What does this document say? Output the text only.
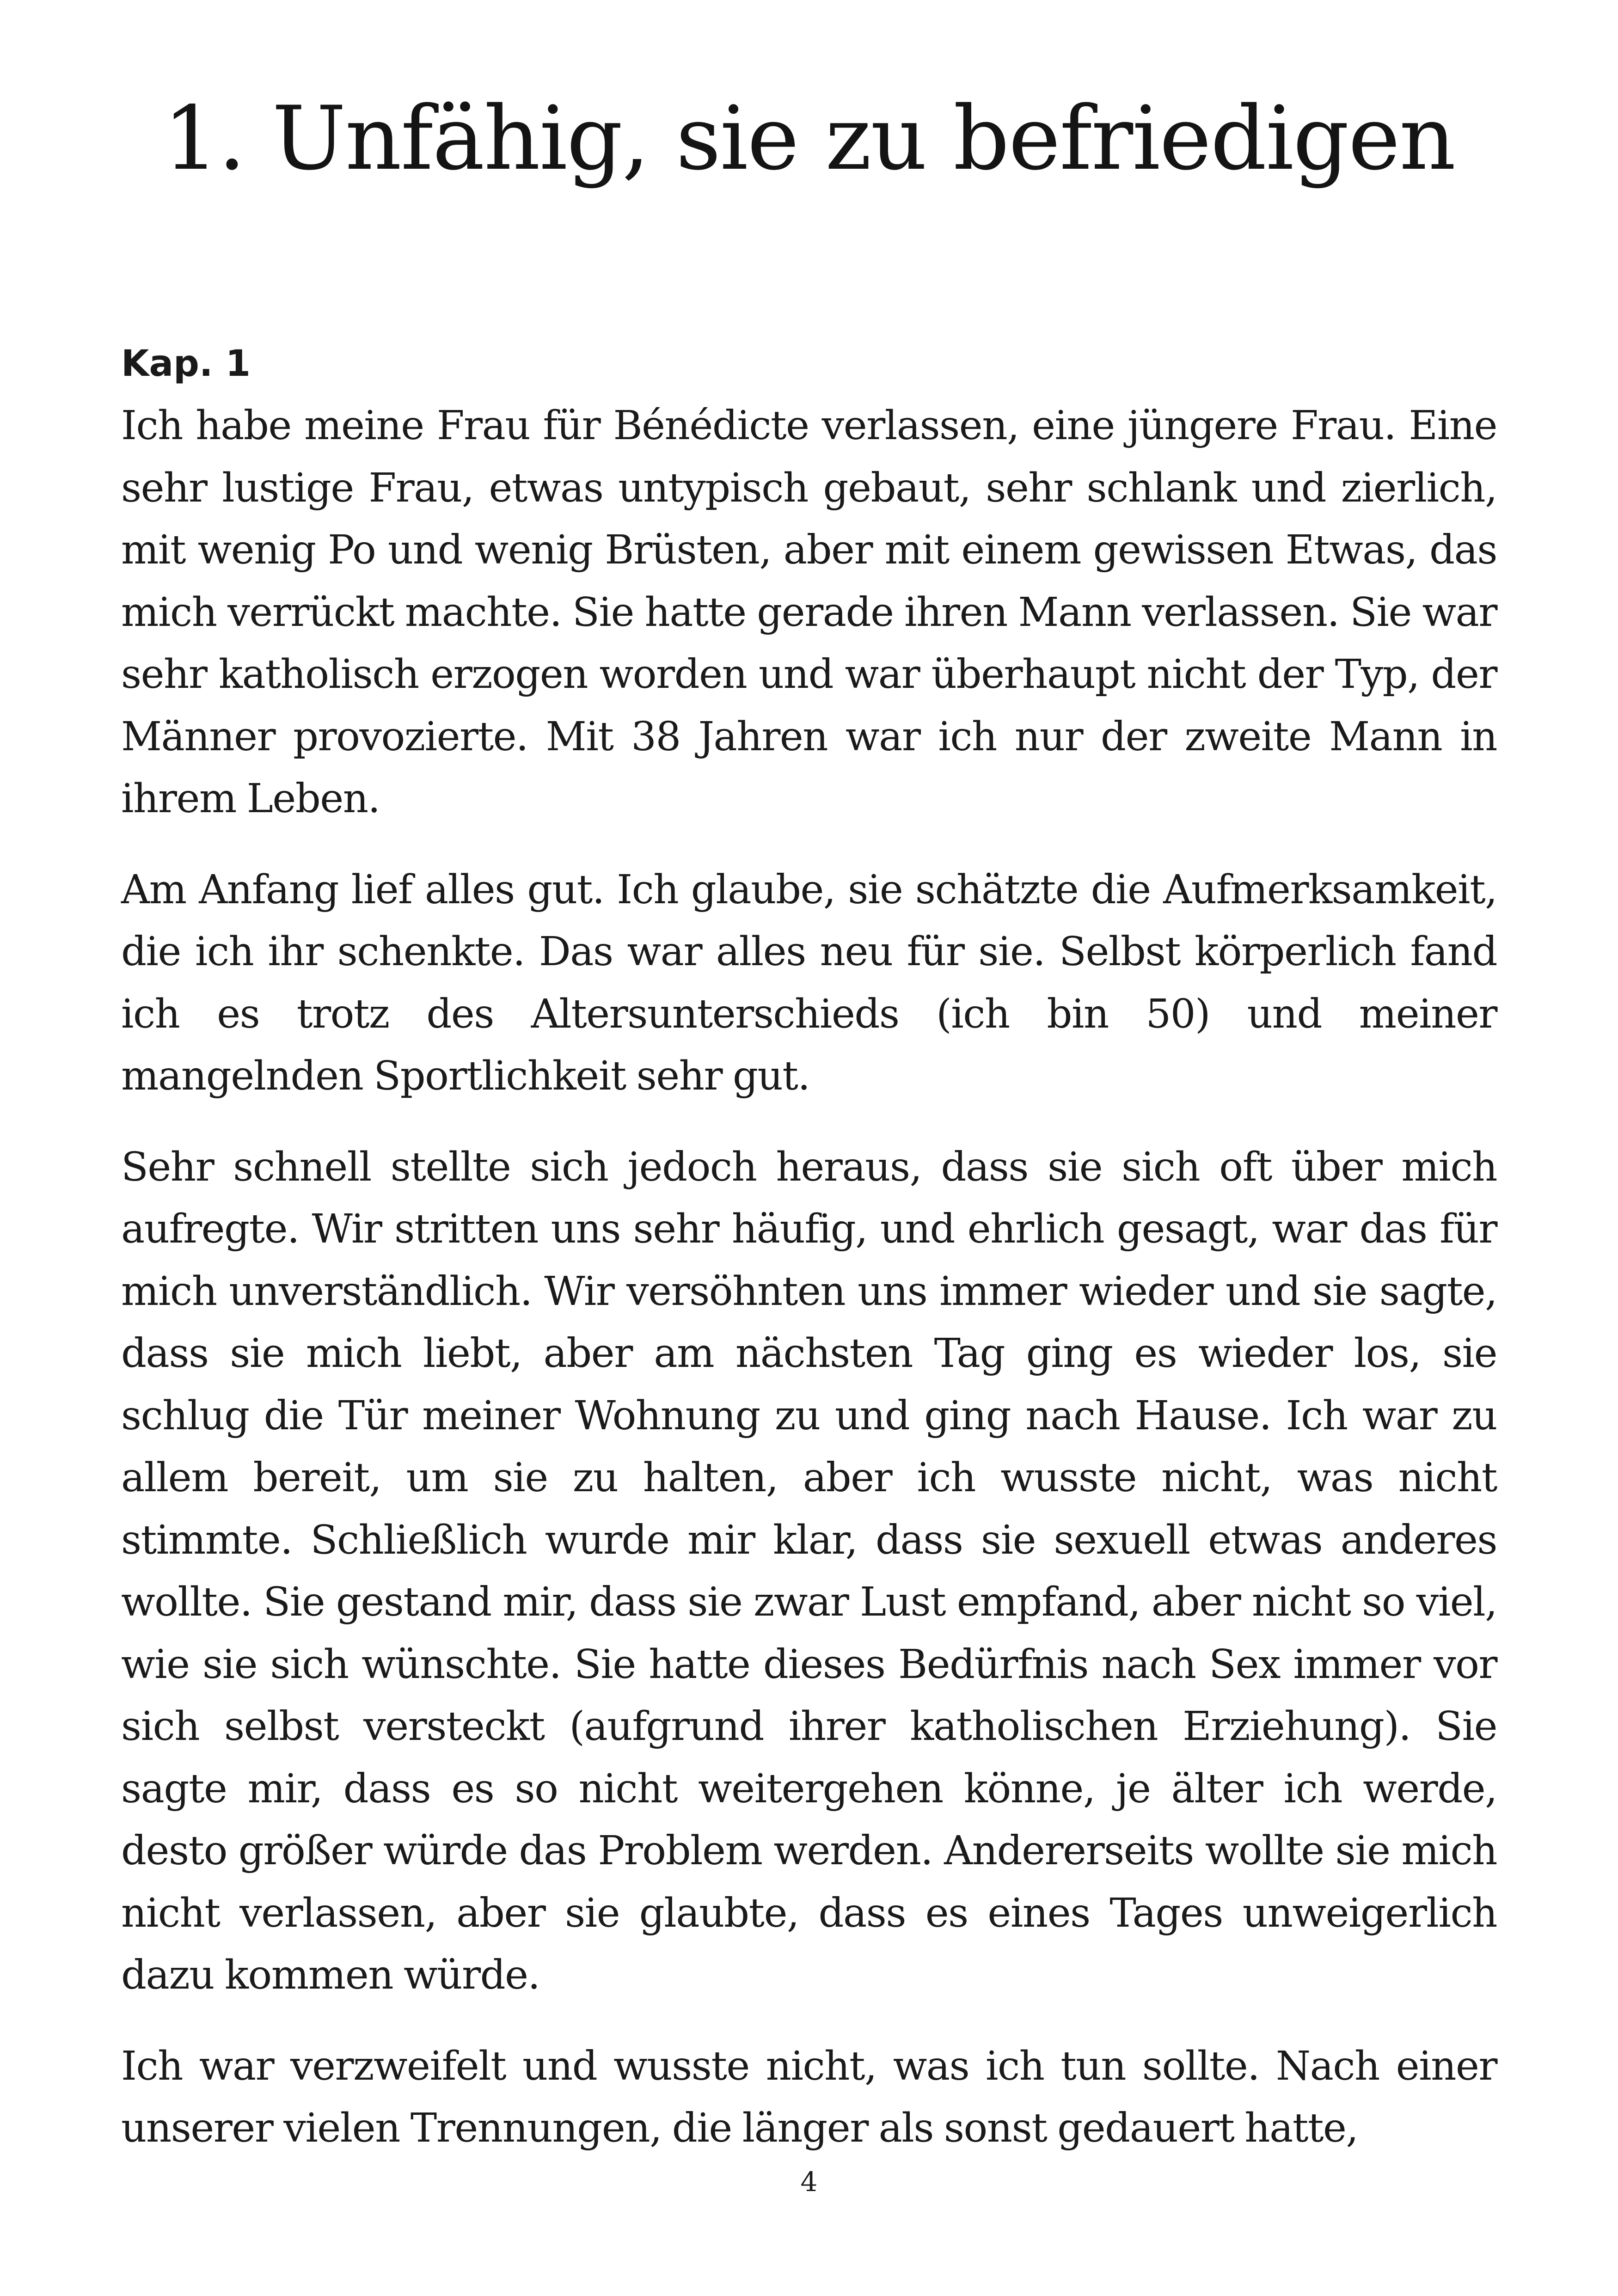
1. Unfähig, sie zu befriedigen

Kap. 1

Ich habe meine Frau für Bénédicte verlassen, eine jüngere Frau. Eine sehr lustige Frau, etwas untypisch gebaut, sehr schlank und zierlich, mit wenig Po und wenig Brüsten, aber mit einem gewissen Etwas, das mich verrückt machte. Sie hatte gerade ihren Mann verlassen. Sie war sehr katholisch erzogen worden und war überhaupt nicht der Typ, der Männer provozierte. Mit 38 Jahren war ich nur der zweite Mann in ihrem Leben.

Am Anfang lief alles gut. Ich glaube, sie schätzte die Aufmerksamkeit, die ich ihr schenkte. Das war alles neu für sie. Selbst körperlich fand ich es trotz des Altersunterschieds (ich bin 50) und meiner mangelnden Sportlichkeit sehr gut.

Sehr schnell stellte sich jedoch heraus, dass sie sich oft über mich aufregte. Wir stritten uns sehr häufig, und ehrlich gesagt, war das für mich unverständlich. Wir versöhnten uns immer wieder und sie sagte, dass sie mich liebt, aber am nächsten Tag ging es wieder los, sie schlug die Tür meiner Wohnung zu und ging nach Hause. Ich war zu allem bereit, um sie zu halten, aber ich wusste nicht, was nicht stimmte. Schließlich wurde mir klar, dass sie sexuell etwas anderes wollte. Sie gestand mir, dass sie zwar Lust empfand, aber nicht so viel, wie sie sich wünschte. Sie hatte dieses Bedürfnis nach Sex immer vor sich selbst versteckt (aufgrund ihrer katholischen Erziehung). Sie sagte mir, dass es so nicht weitergehen könne, je älter ich werde, desto größer würde das Problem werden. Andererseits wollte sie mich nicht verlassen, aber sie glaubte, dass es eines Tages unweigerlich dazu kommen würde.

Ich war verzweifelt und wusste nicht, was ich tun sollte. Nach einer unserer vielen Trennungen, die länger als sonst gedauert hatte,

4
